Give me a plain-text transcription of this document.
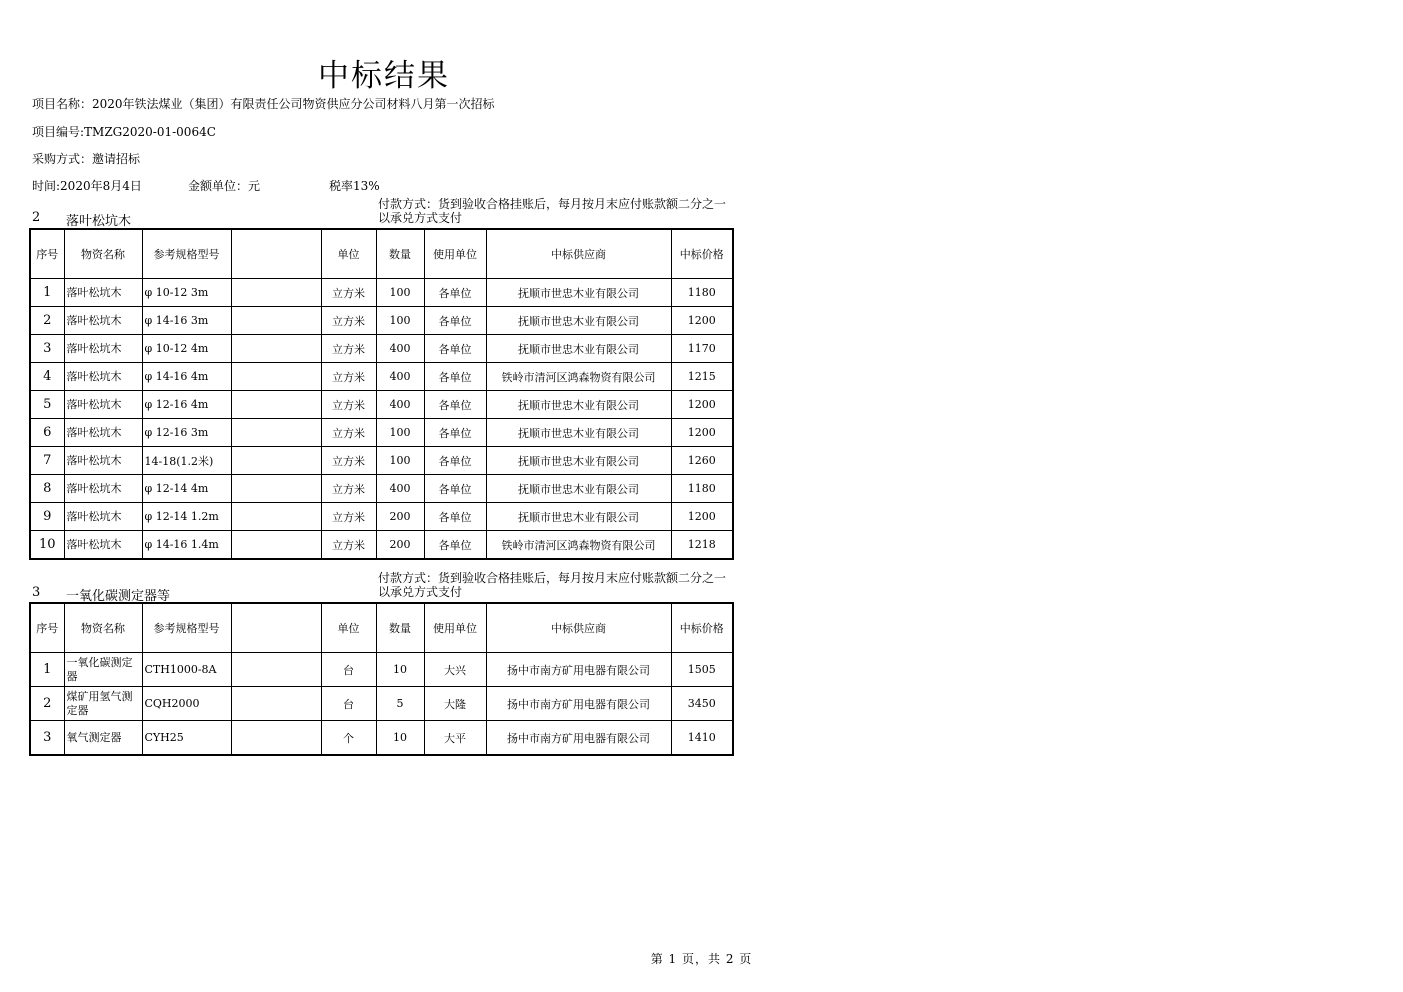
中标结果
项目名称：2020年铁法煤业（集团）有限责任公司物资供应分公司材料八月第一次招标
项目编号:TMZG2020-01-0064C
采购方式：邀请招标
时间:2020年8月4日	金额单位：元	税率13%
2 落叶松坑木
付款方式：货到验收合格挂账后，每月按月末应付账款额二分之一以承兑方式支付
序号	物资名称	参考规格型号		单位	数量	使用单位	中标供应商	中标价格
1	落叶松坑木	φ 10-12 3m		立方米	100	各单位	抚顺市世忠木业有限公司	1180
2	落叶松坑木	φ 14-16 3m		立方米	100	各单位	抚顺市世忠木业有限公司	1200
3	落叶松坑木	φ 10-12 4m		立方米	400	各单位	抚顺市世忠木业有限公司	1170
4	落叶松坑木	φ 14-16 4m		立方米	400	各单位	铁岭市清河区鸿森物资有限公司	1215
5	落叶松坑木	φ 12-16 4m		立方米	400	各单位	抚顺市世忠木业有限公司	1200
6	落叶松坑木	φ 12-16 3m		立方米	100	各单位	抚顺市世忠木业有限公司	1200
7	落叶松坑木	14-18(1.2米)		立方米	100	各单位	抚顺市世忠木业有限公司	1260
8	落叶松坑木	φ 12-14 4m		立方米	400	各单位	抚顺市世忠木业有限公司	1180
9	落叶松坑木	φ 12-14 1.2m		立方米	200	各单位	抚顺市世忠木业有限公司	1200
10	落叶松坑木	φ 14-16 1.4m		立方米	200	各单位	铁岭市清河区鸿森物资有限公司	1218
3 一氧化碳测定器等
付款方式：货到验收合格挂账后，每月按月末应付账款额二分之一以承兑方式支付
序号	物资名称	参考规格型号		单位	数量	使用单位	中标供应商	中标价格
1	一氧化碳测定器	CTH1000-8A		台	10	大兴	扬中市南方矿用电器有限公司	1505
2	煤矿用氢气测定器	CQH2000		台	5	大隆	扬中市南方矿用电器有限公司	3450
3	氧气测定器	CYH25		个	10	大平	扬中市南方矿用电器有限公司	1410
第 1 页，共 2 页
